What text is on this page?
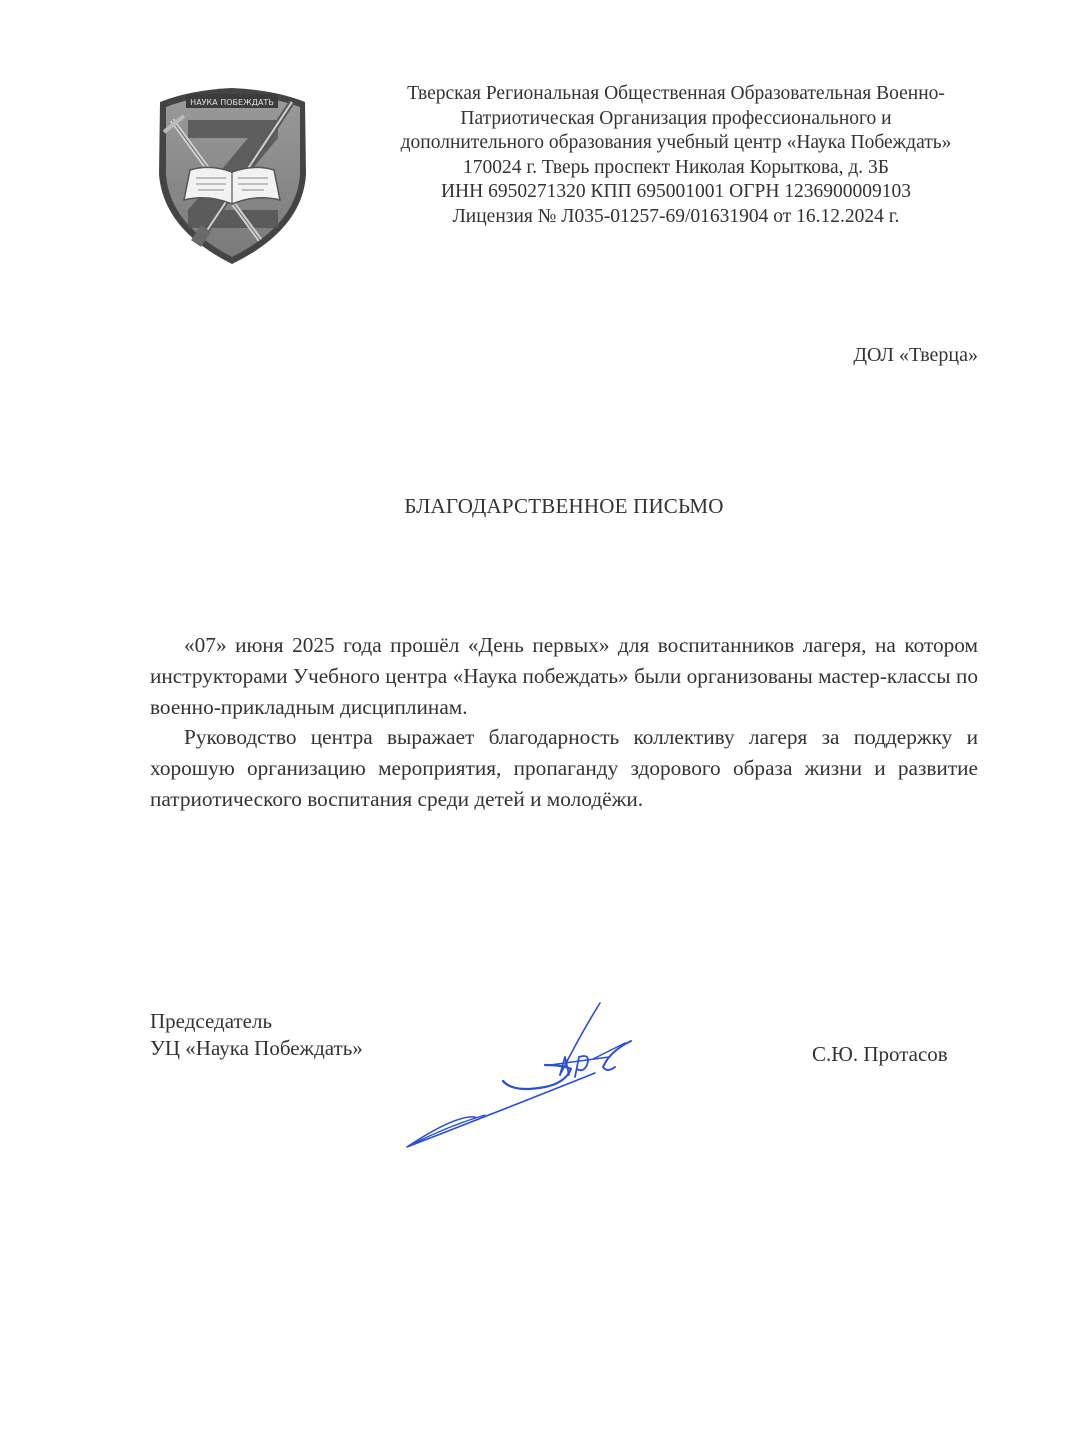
НАУКА ПОБЕЖДАТЬ	Тверская Региональная Общественная Образовательная Военно-
Патриотическая Организация профессионального и
дополнительного образования учебный центр «Наука Побеждать»
170024 г. Тверь проспект Николая Корыткова, д. 3Б
ИНН 6950271320 КПП 695001001 ОГРН 1236900009103
Лицензия № Л035-01257-69/01631904 от 16.12.2024 г.
ДОЛ «Тверца»
БЛАГОДАРСТВЕННОЕ ПИСЬМО

«07» июня 2025 года прошёл «День первых» для воспитанников лагеря, на котором инструкторами Учебного центра «Наука побеждать» были организованы мастер-классы по военно-прикладным дисциплинам.

Руководство центра выражает благодарность коллективу лагеря за поддержку и хорошую организацию мероприятия, пропаганду здорового образа жизни и развитие патриотического воспитания среди детей и молодёжи.

Председатель
УЦ «Наука Побеждать»	С.Ю. Протасов
